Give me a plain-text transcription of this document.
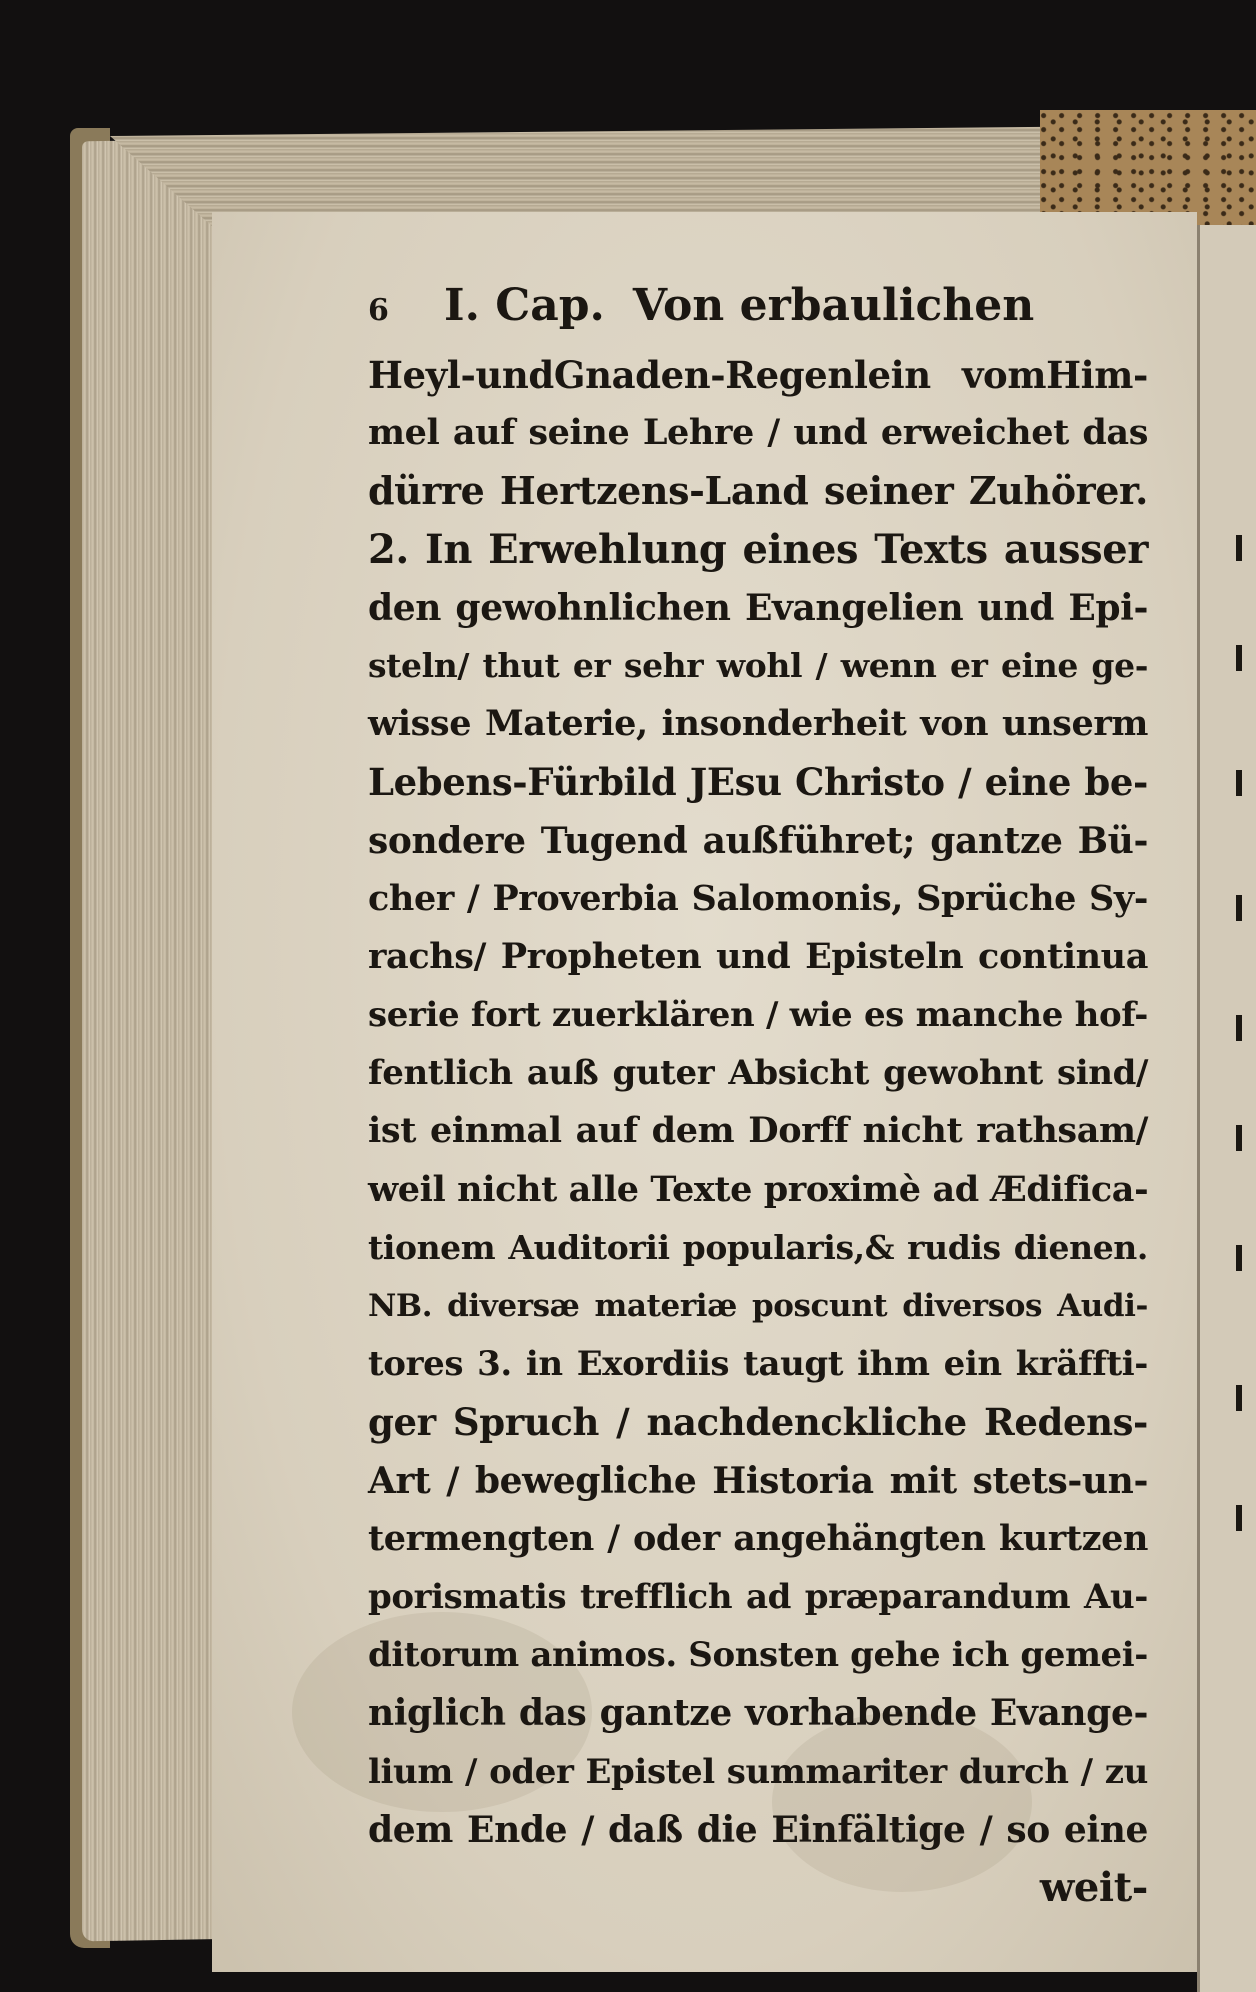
6	I. Cap. Von erbaulichen
Heyl-undGnaden-Regenlein vomHim-
mel auf seine Lehre / und erweichet das
dürre Hertzens-Land seiner Zuhörer.
2. In Erwehlung eines Texts ausser
den gewohnlichen Evangelien und Epi-
steln/ thut er sehr wohl / wenn er eine ge-
wisse Materie, insonderheit von unserm
Lebens-Fürbild JEsu Christo / eine be-
sondere Tugend außführet; gantze Bü-
cher / Proverbia Salomonis, Sprüche Sy-
rachs/ Propheten und Episteln continua
serie fort zuerklären / wie es manche hof-
fentlich auß guter Absicht gewohnt sind/
ist einmal auf dem Dorff nicht rathsam/
weil nicht alle Texte proximè ad Ædifica-
tionem Auditorii popularis,& rudis dienen.
NB. diversæ materiæ poscunt diversos Audi-
tores 3. in Exordiis taugt ihm ein kräffti-
ger Spruch / nachdenckliche Redens-
Art / bewegliche Historia mit stets-un-
termengten / oder angehängten kurtzen
porismatis trefflich ad præparandum Au-
ditorum animos. Sonsten gehe ich gemei-
niglich das gantze vorhabende Evange-
lium / oder Epistel summariter durch / zu
dem Ende / daß die Einfältige / so eine
weit-
